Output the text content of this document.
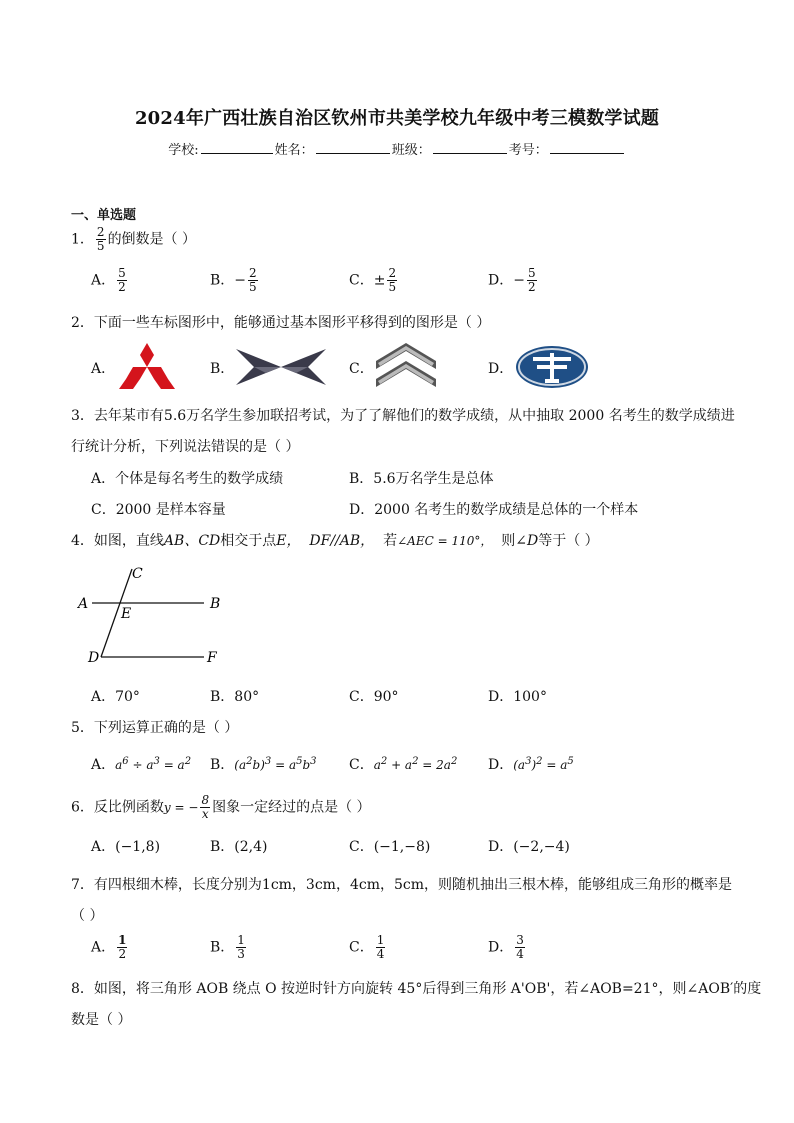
2024年广西壮族自治区钦州市共美学校九年级中考三模数学试题
学校:	姓名：	班级：	考号：
一、单选题
1． $\frac{2}{5}$ 的倒数是（ ）
A． $\frac{5}{2}$	B．− $\frac{2}{5}$	C．± $\frac{2}{5}$	D．− $\frac{5}{2}$
2．下面一些车标图形中，能够通过基本图形平移得到的图形是（ ）
A．	B．	C．	D．
3．去年某市有5.6万名学生参加联招考试，为了了解他们的数学成绩，从中抽取 2000 名考生的数学成绩进
行统计分析，下列说法错误的是（ ）
A．个体是每名考生的数学成绩	B．5.6万名学生是总体
C．2000 是样本容量	D．2000 名考生的数学成绩是总体的一个样本
4．如图，直线AB、CD相交于点E， DF//AB， 若∠AEC = 110°， 则∠D等于（ ）
A	B
C
D
E
F
A．70°	B．80°	C．90°	D．100°
5．下列运算正确的是（ ）
A．$a^6 \div a^3 = a^2$ B．$(a^2b)^3 = a^5b^3$ C．$a^2 + a^2 = 2a^2$ D．$(a^3)^2 = a^5$
6．反比例函数y = − $\frac{8}{x}$ 图象一定经过的点是（ ）
A．(−1,8)	B．(2,4)	C．(−1,−8)	D．(−2,−4)
7．有四根细木棒，长度分别为1cm，3cm，4cm，5cm，则随机抽出三根木棒，能够组成三角形的概率是
（ ）
A． $\frac{1}{2}$	B． $\frac{1}{3}$	C． $\frac{1}{4}$	D． $\frac{3}{4}$
8．如图，将三角形 AOB 绕点 O 按逆时针方向旋转 45°后得到三角形 A'OB'，若∠AOB=21°，则∠AOB′的度
数是（ ）
